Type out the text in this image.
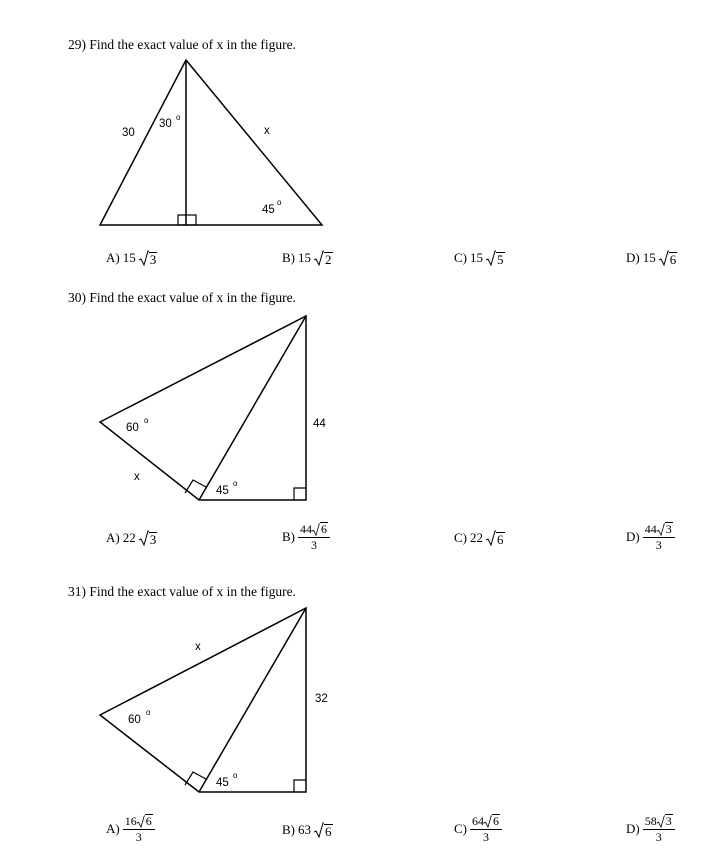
29) Find the exact value of x in the figure.
30
30
o
x
45
o
A) 15 3	B) 15 2	C) 15 5	D) 15 6
30) Find the exact value of x in the figure.
60
o
x
45
o
44
A) 22 3	$B) \frac{44 6}{3}$	C) 22 6	$D) \frac{44 3}{3}$
31) Find the exact value of x in the figure.
x
60
o
45
o
32
$A) \frac{16 6}{3}$	B) 63 6	$C) \frac{64 6}{3}$	$D) \frac{58 3}{3}$
